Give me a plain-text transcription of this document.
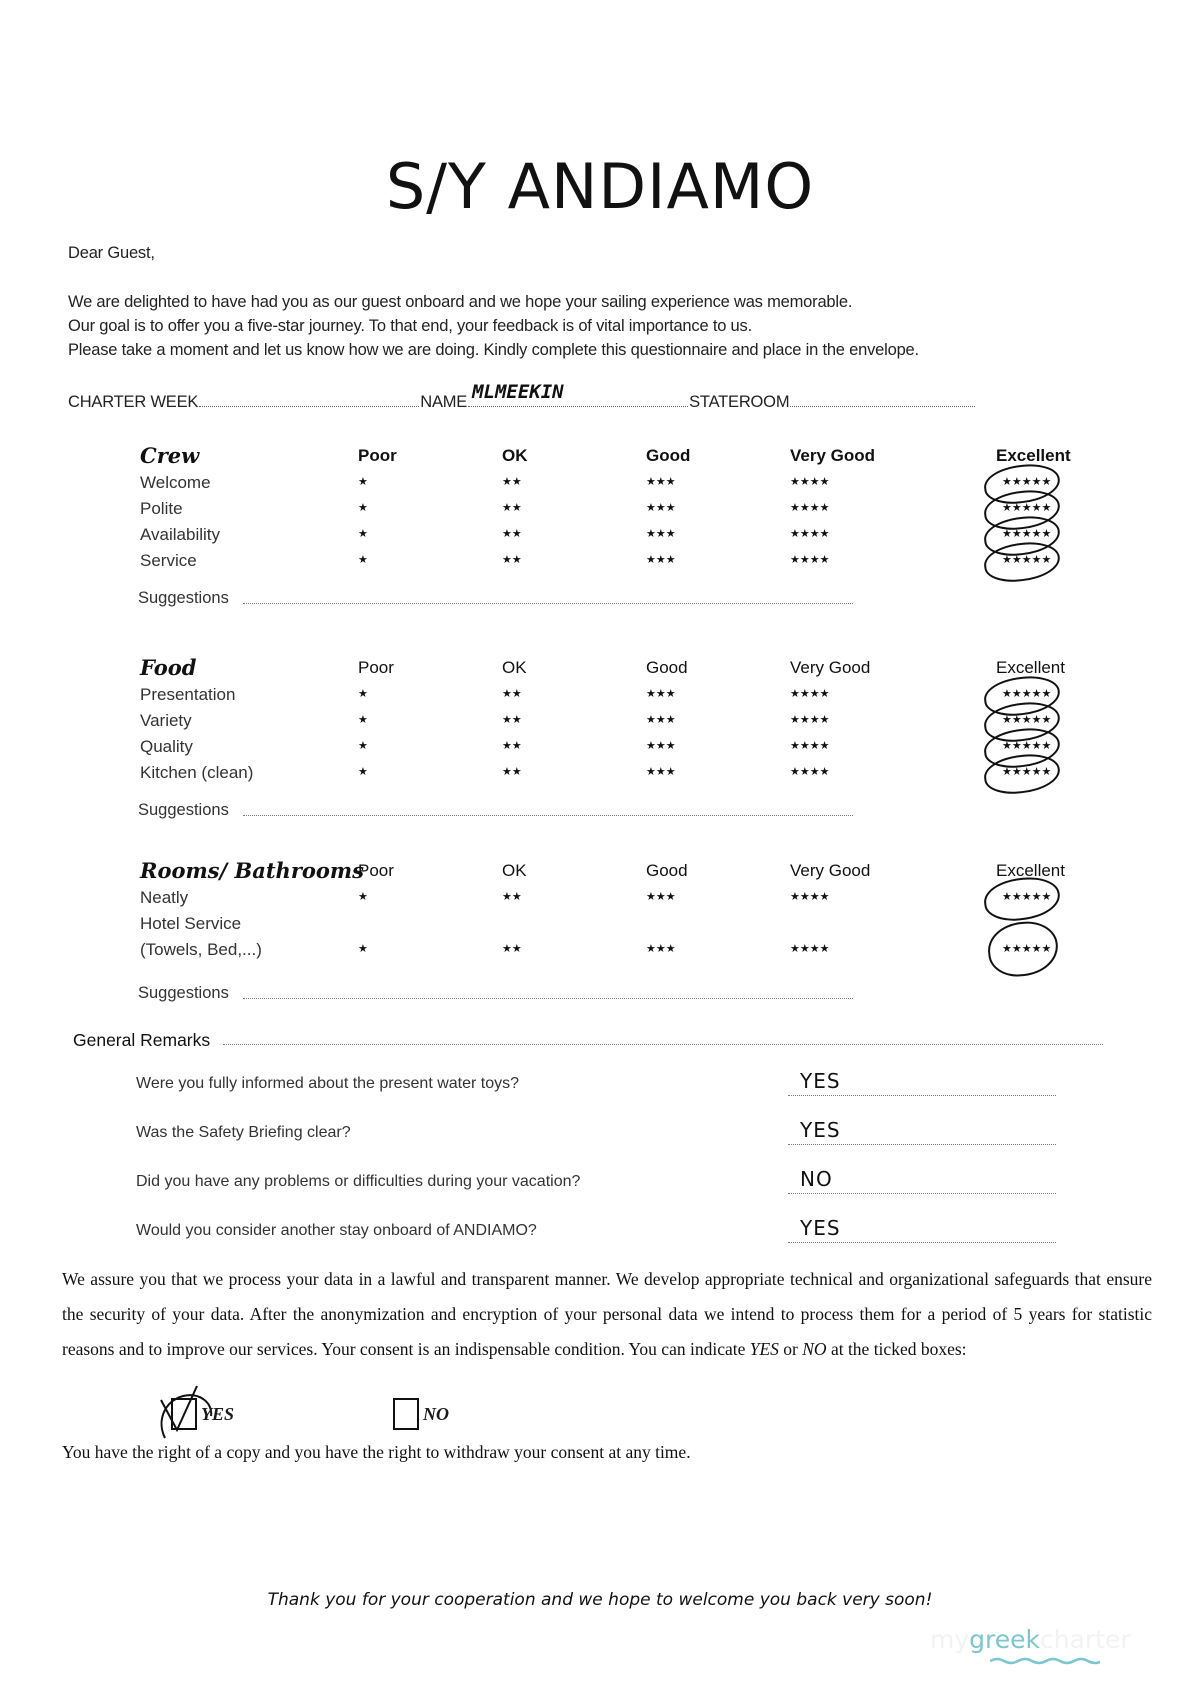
S/Y ANDIAMO
Dear Guest,
We are delighted to have had you as our guest onboard and we hope your sailing experience was memorable.
Our goal is to offer you a five-star journey. To that end, your feedback is of vital importance to us.
Please take a moment and let us know how we are doing. Kindly complete this questionnaire and place in the envelope.
CHARTER WEEK	NAME MLMEEKIN	STATEROOM
Crew	Poor	OK	Good	Very Good	Excellent
Welcome	★	★★	★★★	★★★★	★★★★★
Polite	★	★★	★★★	★★★★	★★★★★
Availability	★	★★	★★★	★★★★	★★★★★
Service	★	★★	★★★	★★★★	★★★★★
Suggestions
Food	Poor	OK	Good	Very Good	Excellent
Presentation	★	★★	★★★	★★★★	★★★★★
Variety	★	★★	★★★	★★★★	★★★★★
Quality	★	★★	★★★	★★★★	★★★★★
Kitchen (clean)	★	★★	★★★	★★★★	★★★★★
Suggestions
Rooms/ Bathrooms
Poor	OK	Good	Very Good	Excellent
Neatly	★	★★	★★★	★★★★	★★★★★
Hotel Service
(Towels, Bed,...)	★	★★	★★★	★★★★	★★★★★
Suggestions
General Remarks
Were you fully informed about the present water toys?	YES
Was the Safety Briefing clear?	YES
Did you have any problems or difficulties during your vacation?	NO
Would you consider another stay onboard of ANDIAMO?	YES
We assure you that we process your data in a lawful and transparent manner. We develop appropriate technical and organizational safeguards that ensure the security of your data. After the anonymization and encryption of your personal data we intend to process them for a period of 5 years for statistic reasons and to improve our services. Your consent is an indispensable condition. You can indicate YES or NO at the ticked boxes:
YES	NO
You have the right of a copy and you have the right to withdraw your consent at any time.
Thank you for your cooperation and we hope to welcome you back very soon!
mygreekcharter
